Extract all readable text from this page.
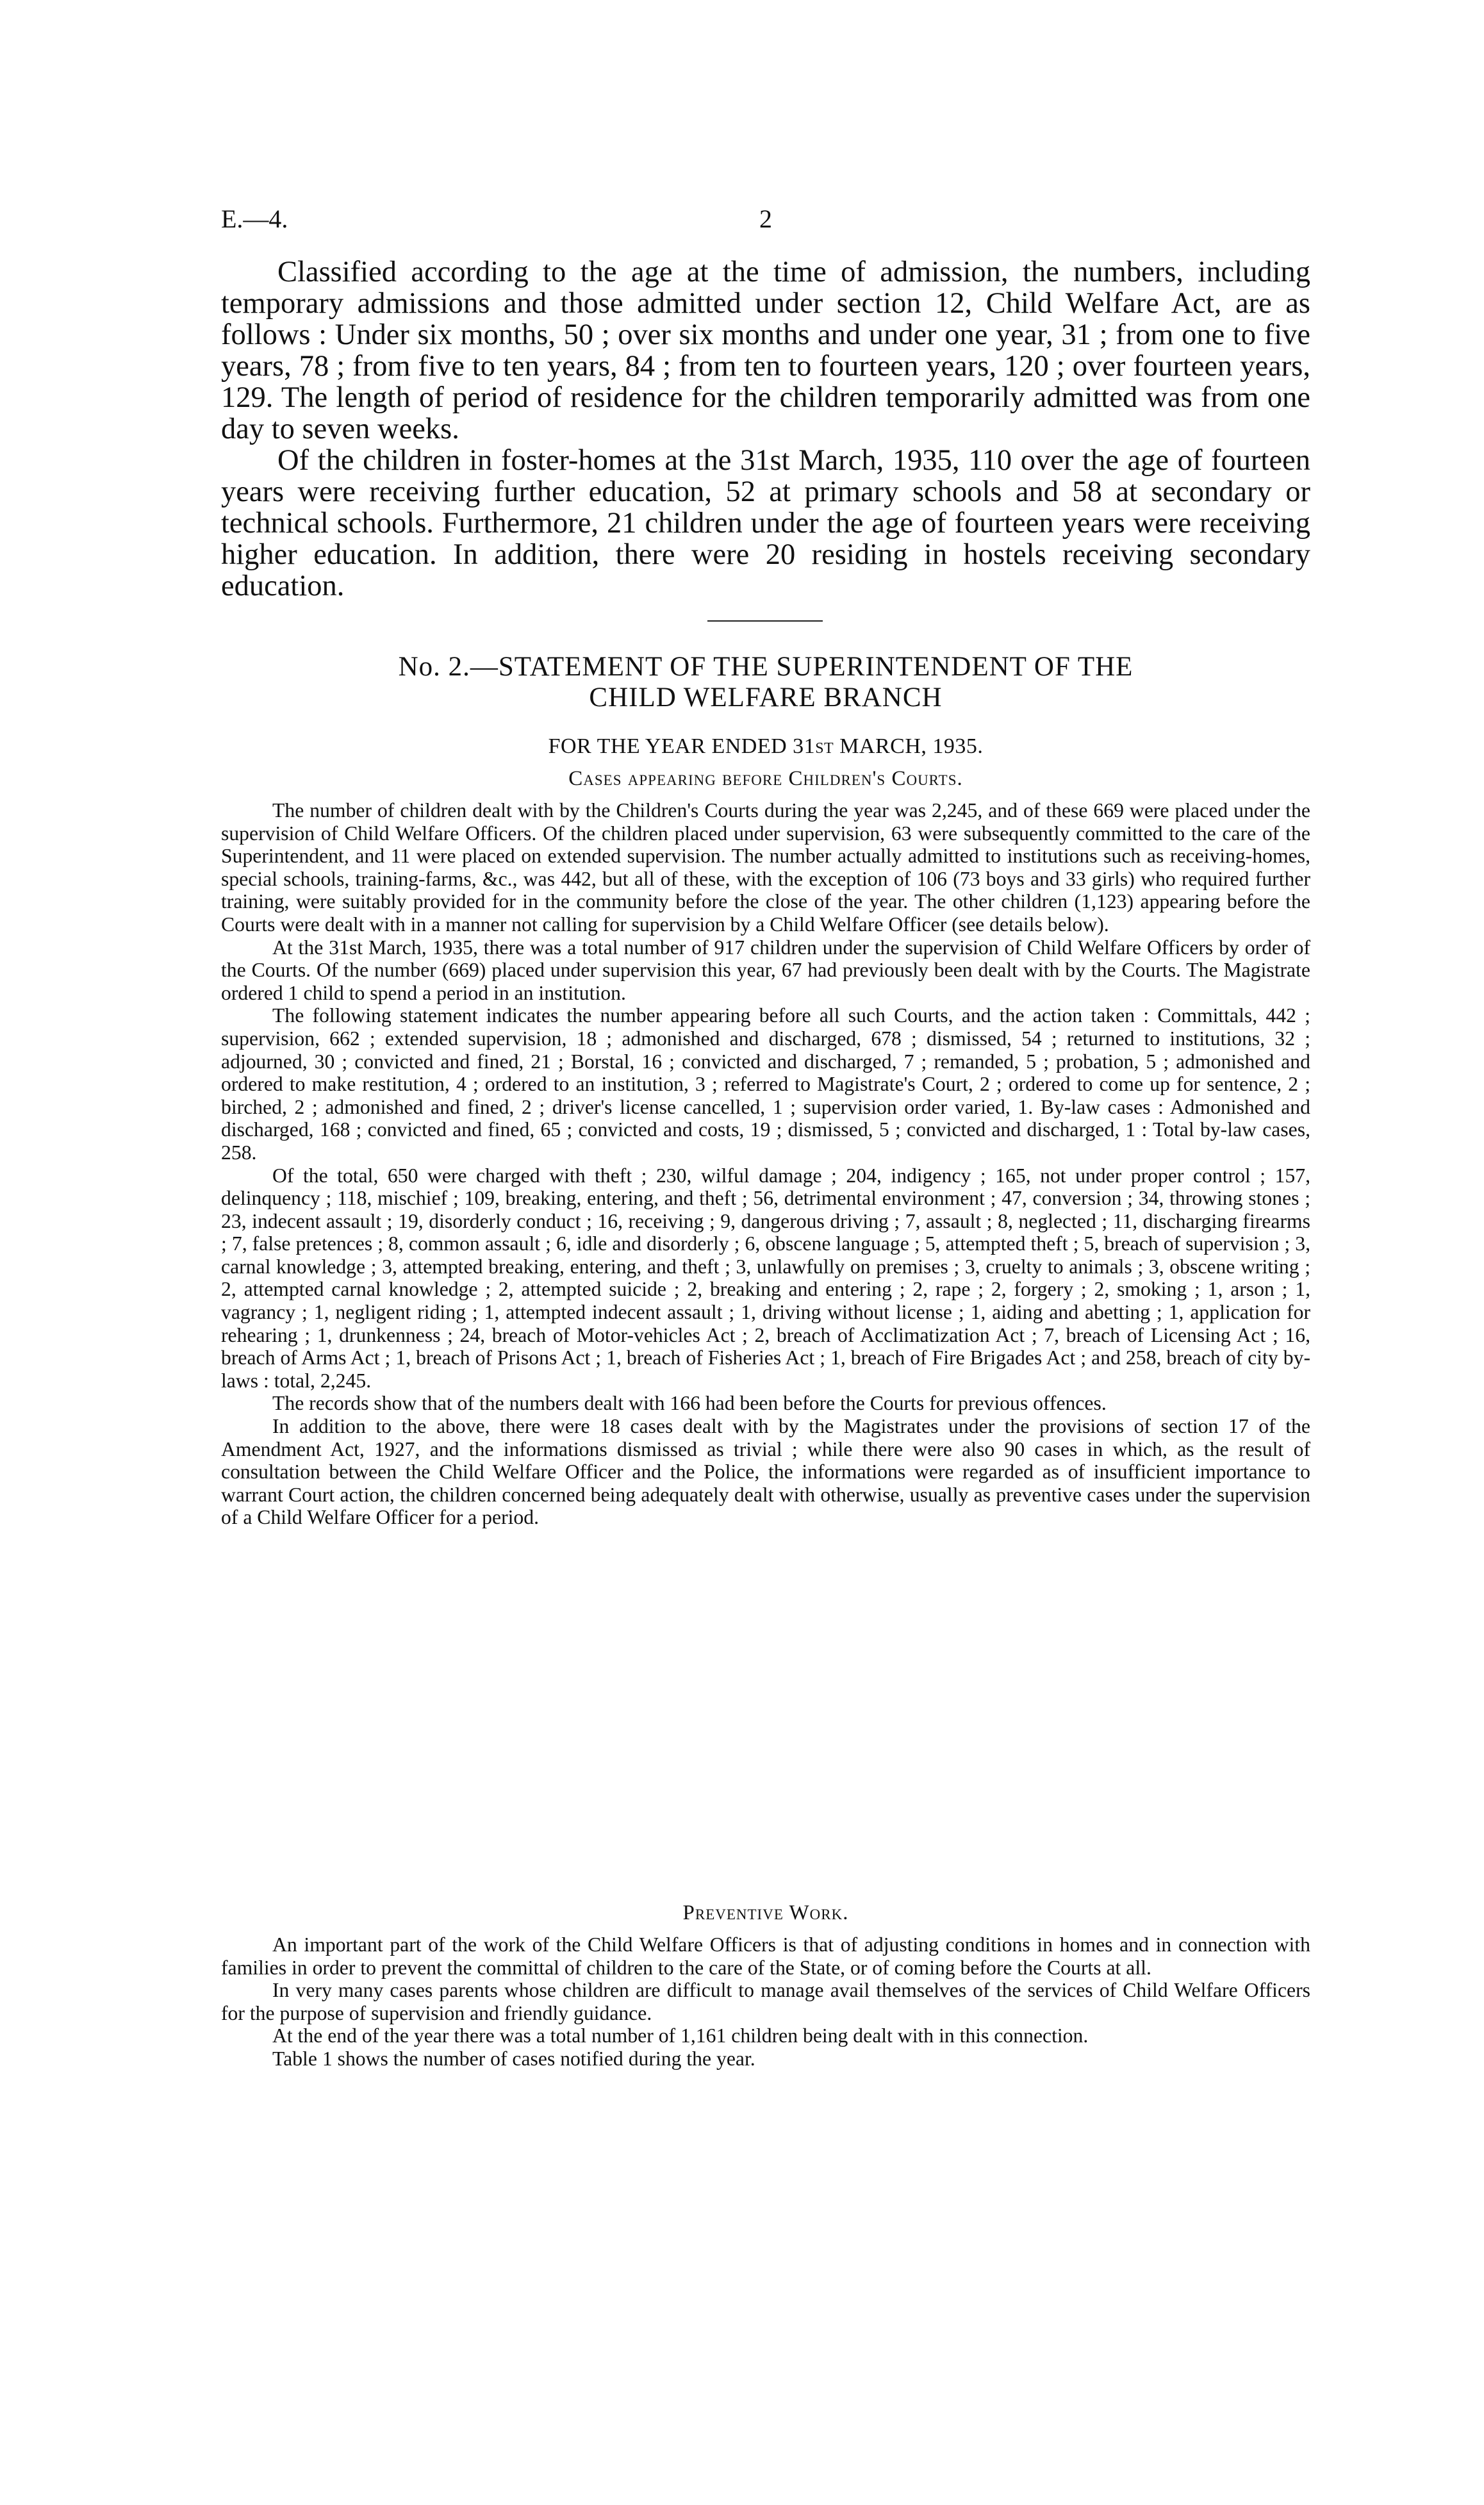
E.—4.	2

Classified according to the age at the time of admission, the numbers, including temporary admissions and those admitted under section 12, Child Welfare Act, are as follows : Under six months, 50 ; over six months and under one year, 31 ; from one to five years, 78 ; from five to ten years, 84 ; from ten to fourteen years, 120 ; over fourteen years, 129. The length of period of residence for the children temporarily admitted was from one day to seven weeks.

Of the children in foster-homes at the 31st March, 1935, 110 over the age of fourteen years were receiving further education, 52 at primary schools and 58 at secondary or technical schools. Furthermore, 21 children under the age of fourteen years were receiving higher education. In addition, there were 20 residing in hostels receiving secondary education.

No. 2.—STATEMENT OF THE SUPERINTENDENT OF THE
CHILD WELFARE BRANCH
FOR THE YEAR ENDED 31st MARCH, 1935.
Cases appearing before Children's Courts.

The number of children dealt with by the Children's Courts during the year was 2,245, and of these 669 were placed under the supervision of Child Welfare Officers. Of the children placed under supervision, 63 were subsequently committed to the care of the Superintendent, and 11 were placed on extended supervision. The number actually admitted to institutions such as receiving-homes, special schools, training-farms, &c., was 442, but all of these, with the exception of 106 (73 boys and 33 girls) who required further training, were suitably provided for in the community before the close of the year. The other children (1,123) appearing before the Courts were dealt with in a manner not calling for supervision by a Child Welfare Officer (see details below).

At the 31st March, 1935, there was a total number of 917 children under the supervision of Child Welfare Officers by order of the Courts. Of the number (669) placed under supervision this year, 67 had previously been dealt with by the Courts. The Magistrate ordered 1 child to spend a period in an institution.

The following statement indicates the number appearing before all such Courts, and the action taken : Committals, 442 ; supervision, 662 ; extended supervision, 18 ; admonished and discharged, 678 ; dismissed, 54 ; returned to institutions, 32 ; adjourned, 30 ; convicted and fined, 21 ; Borstal, 16 ; convicted and discharged, 7 ; remanded, 5 ; probation, 5 ; admonished and ordered to make restitution, 4 ; ordered to an institution, 3 ; referred to Magistrate's Court, 2 ; ordered to come up for sentence, 2 ; birched, 2 ; admonished and fined, 2 ; driver's license cancelled, 1 ; supervision order varied, 1. By-law cases : Admonished and discharged, 168 ; convicted and fined, 65 ; convicted and costs, 19 ; dismissed, 5 ; convicted and discharged, 1 : Total by-law cases, 258.

Of the total, 650 were charged with theft ; 230, wilful damage ; 204, indigency ; 165, not under proper control ; 157, delinquency ; 118, mischief ; 109, breaking, entering, and theft ; 56, detrimental environment ; 47, conversion ; 34, throwing stones ; 23, indecent assault ; 19, disorderly conduct ; 16, receiving ; 9, dangerous driving ; 7, assault ; 8, neglected ; 11, discharging firearms ; 7, false pretences ; 8, common assault ; 6, idle and disorderly ; 6, obscene language ; 5, attempted theft ; 5, breach of supervision ; 3, carnal knowledge ; 3, attempted breaking, entering, and theft ; 3, unlawfully on premises ; 3, cruelty to animals ; 3, obscene writing ; 2, attempted carnal knowledge ; 2, attempted suicide ; 2, breaking and entering ; 2, rape ; 2, forgery ; 2, smoking ; 1, arson ; 1, vagrancy ; 1, negligent riding ; 1, attempted indecent assault ; 1, driving without license ; 1, aiding and abetting ; 1, application for rehearing ; 1, drunkenness ; 24, breach of Motor-vehicles Act ; 2, breach of Acclimatization Act ; 7, breach of Licensing Act ; 16, breach of Arms Act ; 1, breach of Prisons Act ; 1, breach of Fisheries Act ; 1, breach of Fire Brigades Act ; and 258, breach of city by-laws : total, 2,245.

The records show that of the numbers dealt with 166 had been before the Courts for previous offences.

In addition to the above, there were 18 cases dealt with by the Magistrates under the provisions of section 17 of the Amendment Act, 1927, and the informations dismissed as trivial ; while there were also 90 cases in which, as the result of consultation between the Child Welfare Officer and the Police, the informations were regarded as of insufficient importance to warrant Court action, the children concerned being adequately dealt with otherwise, usually as preventive cases under the supervision of a Child Welfare Officer for a period.

Preventive Work.

An important part of the work of the Child Welfare Officers is that of adjusting conditions in homes and in connection with families in order to prevent the committal of children to the care of the State, or of coming before the Courts at all.

In very many cases parents whose children are difficult to manage avail themselves of the services of Child Welfare Officers for the purpose of supervision and friendly guidance.

At the end of the year there was a total number of 1,161 children being dealt with in this connection.

Table 1 shows the number of cases notified during the year.
